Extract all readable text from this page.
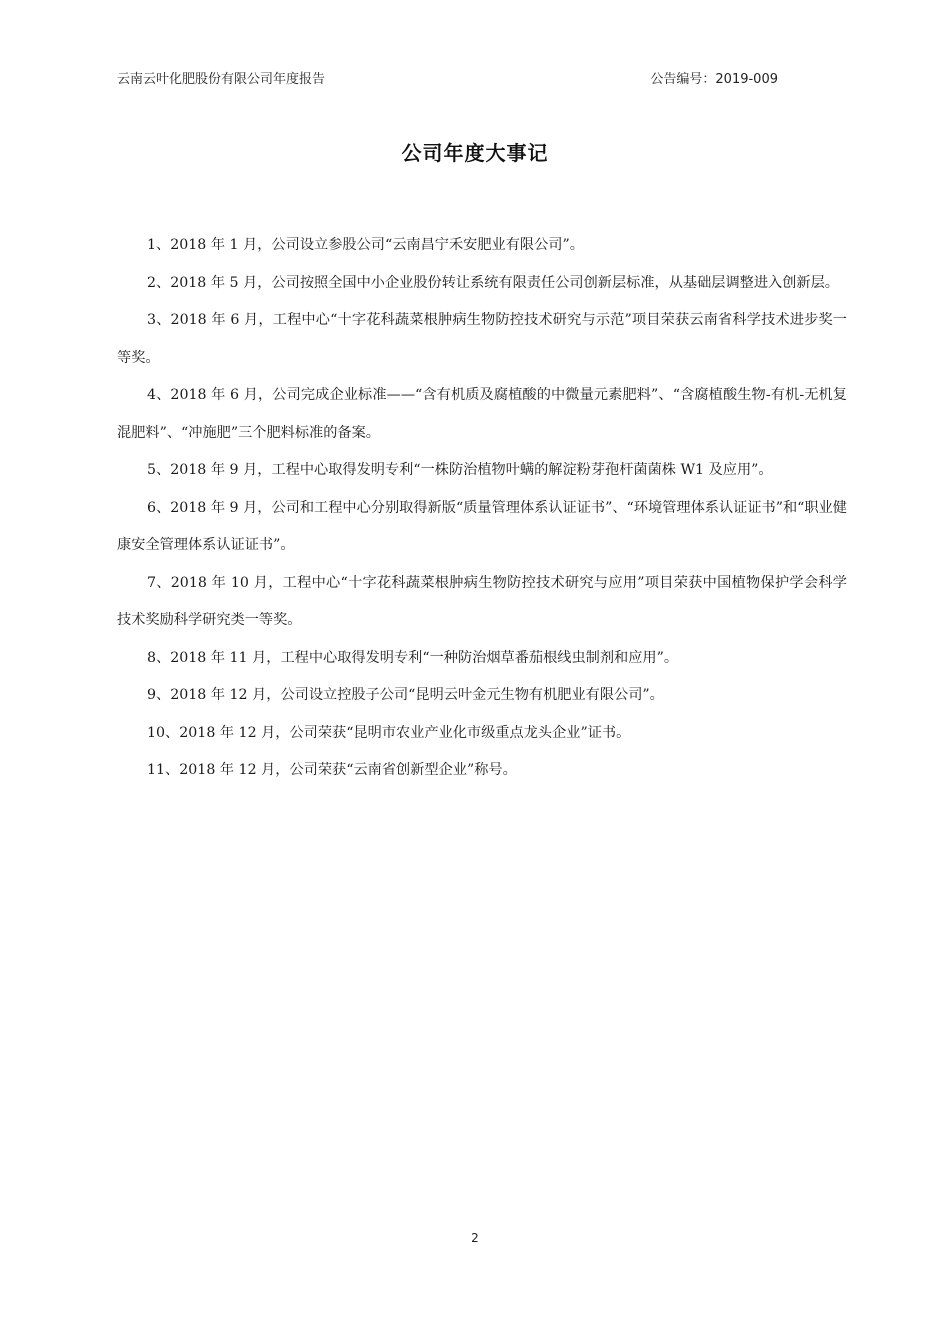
云南云叶化肥股份有限公司年度报告	公告编号：2019-009
公司年度大事记
1、2018 年 1 月，公司设立参股公司“云南昌宁禾安肥业有限公司”。
2、2018 年 5 月，公司按照全国中小企业股份转让系统有限责任公司创新层标准，从基础层调整进入创新层。
3、2018 年 6 月，工程中心“十字花科蔬菜根肿病生物防控技术研究与示范”项目荣获云南省科学技术进步奖一等奖。
4、2018 年 6 月，公司完成企业标准——“含有机质及腐植酸的中微量元素肥料”、“含腐植酸生物-有机-无机复混肥料”、“冲施肥”三个肥料标准的备案。
5、2018 年 9 月，工程中心取得发明专利“一株防治植物叶螨的解淀粉芽孢杆菌菌株 W1 及应用”。
6、2018 年 9 月，公司和工程中心分别取得新版“质量管理体系认证证书”、“环境管理体系认证证书”和“职业健康安全管理体系认证证书”。
7、2018 年 10 月，工程中心“十字花科蔬菜根肿病生物防控技术研究与应用”项目荣获中国植物保护学会科学技术奖励科学研究类一等奖。
8、2018 年 11 月，工程中心取得发明专利“一种防治烟草番茄根线虫制剂和应用”。
9、2018 年 12 月，公司设立控股子公司“昆明云叶金元生物有机肥业有限公司”。
10、2018 年 12 月，公司荣获“昆明市农业产业化市级重点龙头企业”证书。
11、2018 年 12 月，公司荣获“云南省创新型企业”称号。
2
